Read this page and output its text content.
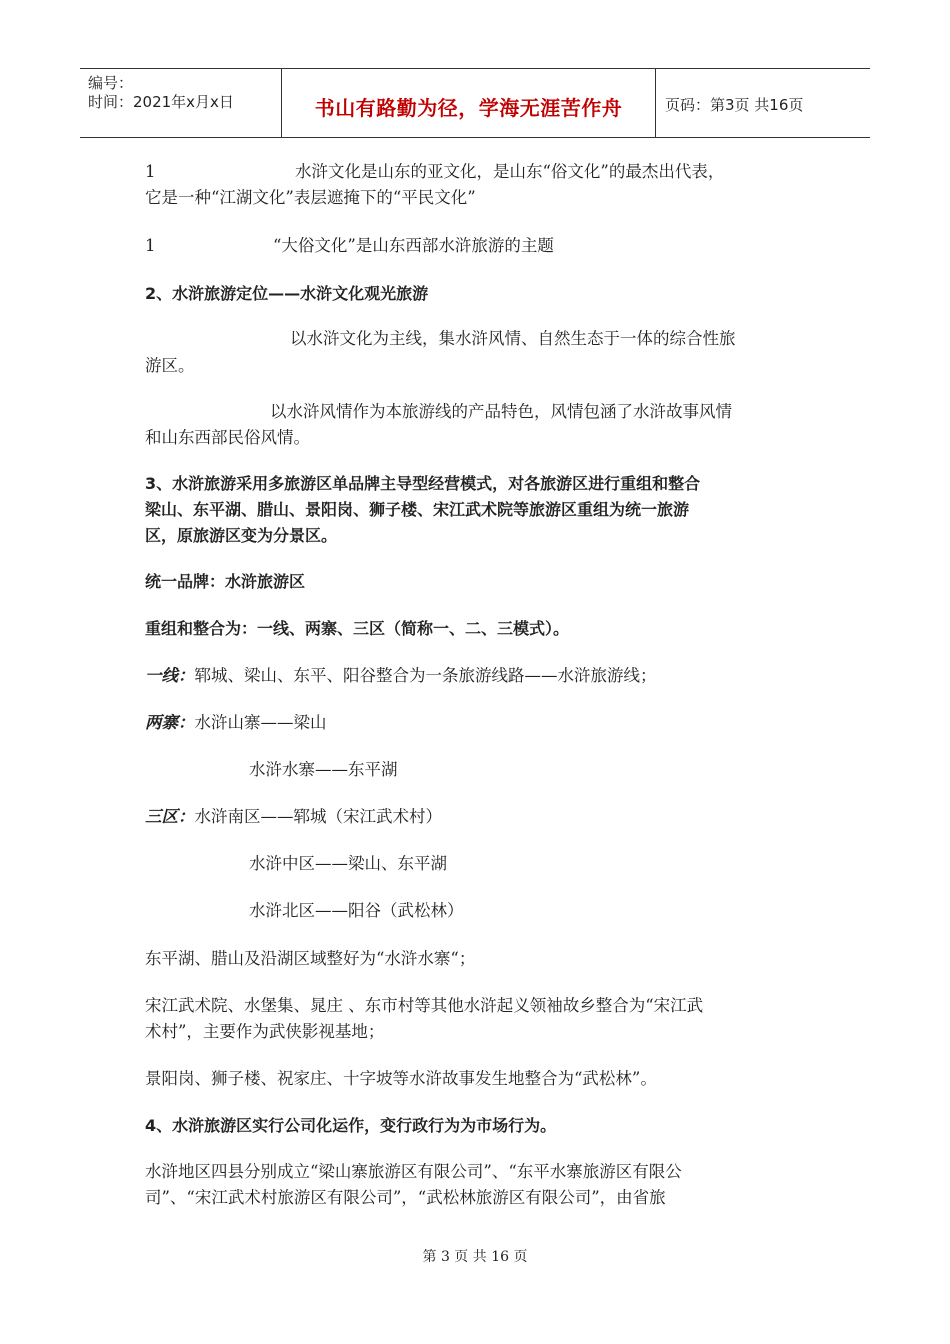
编号：
时间：2021年x月x日	书山有路勤为径，学海无涯苦作舟	页码：第3页 共16页
1	水浒文化是山东的亚文化，是山东“俗文化”的最杰出代表，
它是一种“江湖文化”表层遮掩下的“平民文化”
1	“大俗文化”是山东西部水浒旅游的主题
2、水浒旅游定位——水浒文化观光旅游
以水浒文化为主线，集水浒风情、自然生态于一体的综合性旅
游区。
以水浒风情作为本旅游线的产品特色，风情包涵了水浒故事风情
和山东西部民俗风情。
3、水浒旅游采用多旅游区单品牌主导型经营模式，对各旅游区进行重组和整合
梁山、东平湖、腊山、景阳岗、狮子楼、宋江武术院等旅游区重组为统一旅游
区，原旅游区变为分景区。
统一品牌：水浒旅游区
重组和整合为：一线、两寨、三区（简称一、二、三模式）。
一线：郓城、梁山、东平、阳谷整合为一条旅游线路——水浒旅游线；
两寨：水浒山寨——梁山
水浒水寨——东平湖
三区：水浒南区——郓城（宋江武术村）
水浒中区——梁山、东平湖
水浒北区——阳谷（武松林）
东平湖、腊山及沿湖区域整好为“水浒水寨“；
宋江武术院、水堡集、晁庄 、东市村等其他水浒起义领袖故乡整合为“宋江武
术村”，主要作为武侠影视基地；
景阳岗、狮子楼、祝家庄、十字坡等水浒故事发生地整合为“武松林”。
4、水浒旅游区实行公司化运作，变行政行为为市场行为。
水浒地区四县分别成立“梁山寨旅游区有限公司”、“东平水寨旅游区有限公
司”、“宋江武术村旅游区有限公司”，“武松林旅游区有限公司”，由省旅
第 3 页 共 16 页
